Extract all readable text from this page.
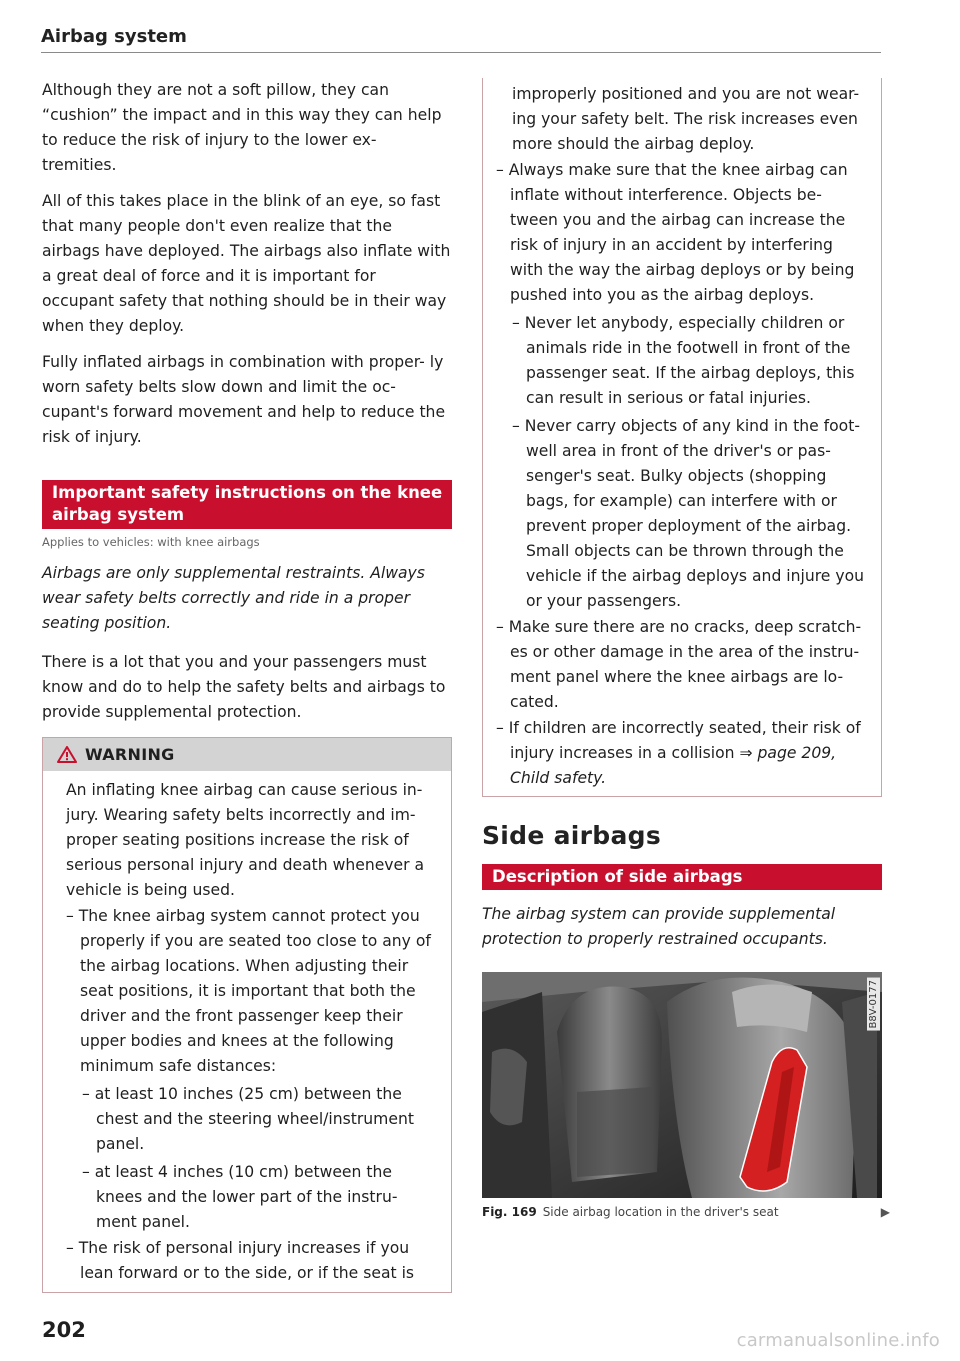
Airbag system

Although they are not a soft pillow, they can “cushion” the impact and in this way they can help to reduce the risk of injury to the lower ex- tremities.

All of this takes place in the blink of an eye, so fast that many people don't even realize that the airbags have deployed. The airbags also inflate with a great deal of force and it is important for occupant safety that nothing should be in their way when they deploy.

Fully inflated airbags in combination with proper- ly worn safety belts slow down and limit the oc- cupant's forward movement and help to reduce the risk of injury.

Important safety instructions on the knee airbag system
Applies to vehicles: with knee airbags

Airbags are only supplemental restraints. Always wear safety belts correctly and ride in a proper seating position.

There is a lot that you and your passengers must know and do to help the safety belts and airbags to provide supplemental protection.

WARNING

An inflating knee airbag can cause serious in- jury. Wearing safety belts incorrectly and im- proper seating positions increase the risk of serious personal injury and death whenever a vehicle is being used.

– The knee airbag system cannot protect you properly if you are seated too close to any of the airbag locations. When adjusting their seat positions, it is important that both the driver and the front passenger keep their upper bodies and knees at the following minimum safe distances:

– at least 10 inches (25 cm) between the chest and the steering wheel/instrument panel.

– at least 4 inches (10 cm) between the knees and the lower part of the instru- ment panel.

– The risk of personal injury increases if you lean forward or to the side, or if the seat is

improperly positioned and you are not wear- ing your safety belt. The risk increases even more should the airbag deploy.

– Always make sure that the knee airbag can inflate without interference. Objects be- tween you and the airbag can increase the risk of injury in an accident by interfering with the way the airbag deploys or by being pushed into you as the airbag deploys.

– Never let anybody, especially children or animals ride in the footwell in front of the passenger seat. If the airbag deploys, this can result in serious or fatal injuries.

– Never carry objects of any kind in the foot- well area in front of the driver's or pas- senger's seat. Bulky objects (shopping bags, for example) can interfere with or prevent proper deployment of the airbag. Small objects can be thrown through the vehicle if the airbag deploys and injure you or your passengers.

– Make sure there are no cracks, deep scratch- es or other damage in the area of the instru- ment panel where the knee airbags are lo- cated.

– If children are incorrectly seated, their risk of injury increases in a collision ⇒ page 209, Child safety.

Side airbags
Description of side airbags

The airbag system can provide supplemental protection to properly restrained occupants.

B8V-0177
Fig. 169 Side airbag location in the driver's seat	▶
202	carmanualsonline.info
